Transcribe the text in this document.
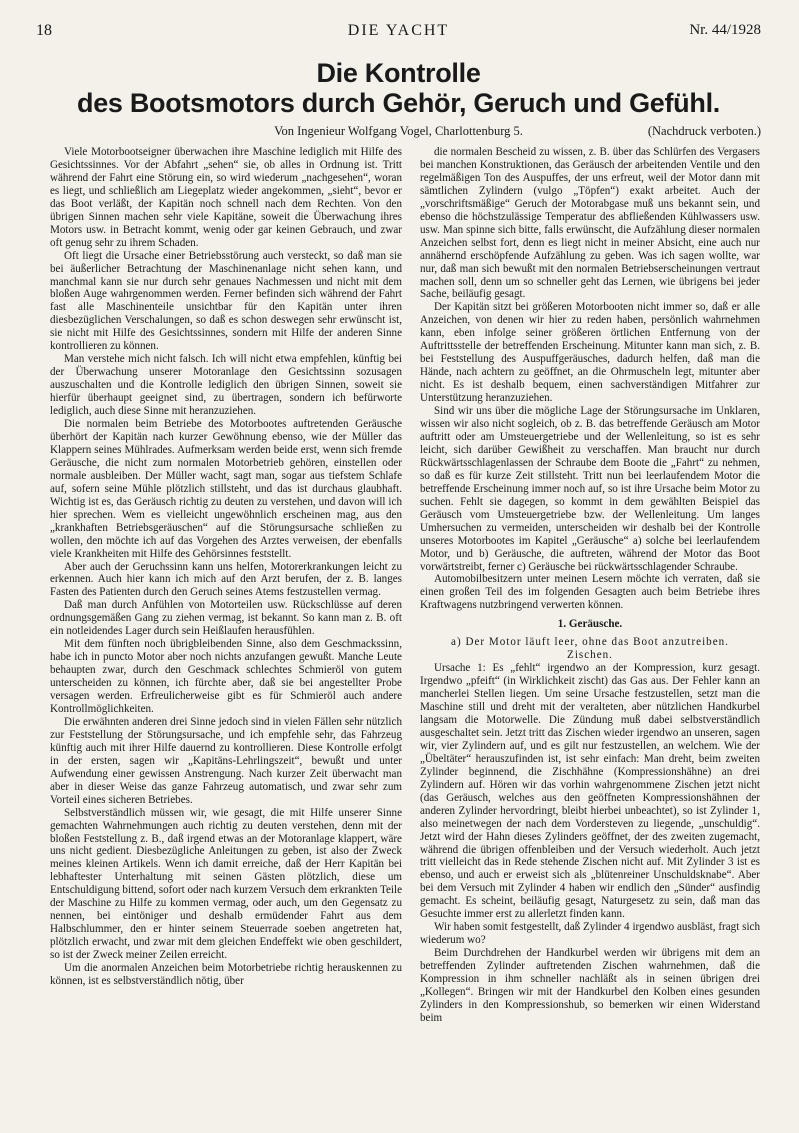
18	DIE YACHT	Nr. 44/1928
Die Kontrolle
des Bootsmotors durch Gehör, Geruch und Gefühl.
Von Ingenieur Wolfgang Vogel, Charlottenburg 5.	(Nachdruck verboten.)

Viele Motorbootseigner überwachen ihre Maschine lediglich mit Hilfe des Gesichtssinnes. Vor der Abfahrt „sehen“ sie, ob alles in Ordnung ist. Tritt während der Fahrt eine Störung ein, so wird wiederum „nachgesehen“, woran es liegt, und schließlich am Liegeplatz wieder angekommen, „sieht“, bevor er das Boot verläßt, der Kapitän noch schnell nach dem Rechten. Von den übrigen Sinnen machen sehr viele Kapitäne, soweit die Überwachung ihres Motors usw. in Betracht kommt, wenig oder gar keinen Gebrauch, und zwar oft genug sehr zu ihrem Schaden.

Oft liegt die Ursache einer Betriebsstörung auch versteckt, so daß man sie bei äußerlicher Betrachtung der Maschinenanlage nicht sehen kann, und manchmal kann sie nur durch sehr genaues Nachmessen und nicht mit dem bloßen Auge wahrgenommen werden. Ferner befinden sich während der Fahrt fast alle Maschinenteile unsichtbar für den Kapitän unter ihren diesbezüglichen Verschalungen, so daß es schon deswegen sehr erwünscht ist, sie nicht mit Hilfe des Gesichtssinnes, sondern mit Hilfe der anderen Sinne kontrollieren zu können.

Man verstehe mich nicht falsch. Ich will nicht etwa empfehlen, künftig bei der Überwachung unserer Motoranlage den Gesichtssinn sozusagen auszuschalten und die Kontrolle lediglich den übrigen Sinnen, soweit sie hierfür überhaupt geeignet sind, zu übertragen, sondern ich befürworte lediglich, auch diese Sinne mit heranzuziehen.

Die normalen beim Betriebe des Motorbootes auftretenden Geräusche überhört der Kapitän nach kurzer Gewöhnung ebenso, wie der Müller das Klappern seines Mühlrades. Aufmerksam werden beide erst, wenn sich fremde Geräusche, die nicht zum normalen Motorbetrieb gehören, einstellen oder normale ausbleiben. Der Müller wacht, sagt man, sogar aus tiefstem Schlafe auf, sofern seine Mühle plötzlich stillsteht, und das ist durchaus glaubhaft. Wichtig ist es, das Geräusch richtig zu deuten zu verstehen, und davon will ich hier sprechen. Wem es vielleicht ungewöhnlich erscheinen mag, aus den „krankhaften Betriebsgeräuschen“ auf die Störungsursache schließen zu wollen, den möchte ich auf das Vorgehen des Arztes verweisen, der ebenfalls viele Krankheiten mit Hilfe des Gehörsinnes feststellt.

Aber auch der Geruchssinn kann uns helfen, Motorerkrankungen leicht zu erkennen. Auch hier kann ich mich auf den Arzt berufen, der z. B. langes Fasten des Patienten durch den Geruch seines Atems festzustellen vermag.

Daß man durch Anfühlen von Motorteilen usw. Rückschlüsse auf deren ordnungsgemäßen Gang zu ziehen vermag, ist bekannt. So kann man z. B. oft ein notleidendes Lager durch sein Heißlaufen herausfühlen.

Mit dem fünften noch übrigbleibenden Sinne, also dem Geschmackssinn, habe ich in puncto Motor aber noch nichts anzufangen gewußt. Manche Leute behaupten zwar, durch den Geschmack schlechtes Schmieröl von gutem unterscheiden zu können, ich fürchte aber, daß sie bei angestellter Probe versagen werden. Erfreulicherweise gibt es für Schmieröl auch andere Kontrollmöglichkeiten.

Die erwähnten anderen drei Sinne jedoch sind in vielen Fällen sehr nützlich zur Feststellung der Störungsursache, und ich empfehle sehr, das Fahrzeug künftig auch mit ihrer Hilfe dauernd zu kontrollieren. Diese Kontrolle erfolgt in der ersten, sagen wir „Kapitäns-Lehrlingszeit“, bewußt und unter Aufwendung einer gewissen Anstrengung. Nach kurzer Zeit überwacht man aber in dieser Weise das ganze Fahrzeug automatisch, und zwar sehr zum Vorteil eines sicheren Betriebes.

Selbstverständlich müssen wir, wie gesagt, die mit Hilfe unserer Sinne gemachten Wahrnehmungen auch richtig zu deuten verstehen, denn mit der bloßen Feststellung z. B., daß irgend etwas an der Motoranlage klappert, wäre uns nicht gedient. Diesbezügliche Anleitungen zu geben, ist also der Zweck meines kleinen Artikels. Wenn ich damit erreiche, daß der Herr Kapitän bei lebhaftester Unterhaltung mit seinen Gästen plötzlich, diese um Entschuldigung bittend, sofort oder nach kurzem Versuch dem erkrankten Teile der Maschine zu Hilfe zu kommen vermag, oder auch, um den Gegensatz zu nennen, bei eintöniger und deshalb ermüdender Fahrt aus dem Halbschlummer, den er hinter seinem Steuerrade soeben angetreten hat, plötzlich erwacht, und zwar mit dem gleichen Endeffekt wie oben geschildert, so ist der Zweck meiner Zeilen erreicht.

Um die anormalen Anzeichen beim Motorbetriebe richtig herauskennen zu können, ist es selbstverständlich nötig, über

die normalen Bescheid zu wissen, z. B. über das Schlürfen des Vergasers bei manchen Konstruktionen, das Geräusch der arbeitenden Ventile und den regelmäßigen Ton des Auspuffes, der uns erfreut, weil der Motor dann mit sämtlichen Zylindern (vulgo „Töpfen“) exakt arbeitet. Auch der „vorschriftsmäßige“ Geruch der Motorabgase muß uns bekannt sein, und ebenso die höchstzulässige Temperatur des abfließenden Kühlwassers usw. usw. Man spinne sich bitte, falls erwünscht, die Aufzählung dieser normalen Anzeichen selbst fort, denn es liegt nicht in meiner Absicht, eine auch nur annähernd erschöpfende Aufzählung zu geben. Was ich sagen wollte, war nur, daß man sich bewußt mit den normalen Betriebserscheinungen vertraut machen soll, denn um so schneller geht das Lernen, wie übrigens bei jeder Sache, beiläufig gesagt.

Der Kapitän sitzt bei größeren Motorbooten nicht immer so, daß er alle Anzeichen, von denen wir hier zu reden haben, persönlich wahrnehmen kann, eben infolge seiner größeren örtlichen Entfernung von der Auftrittsstelle der betreffenden Erscheinung. Mitunter kann man sich, z. B. bei Feststellung des Auspuffgeräusches, dadurch helfen, daß man die Hände, nach achtern zu geöffnet, an die Ohrmuscheln legt, mitunter aber nicht. Es ist deshalb bequem, einen sachverständigen Mitfahrer zur Unterstützung heranzuziehen.

Sind wir uns über die mögliche Lage der Störungsursache im Unklaren, wissen wir also nicht sogleich, ob z. B. das betreffende Geräusch am Motor auftritt oder am Umsteuergetriebe und der Wellenleitung, so ist es sehr leicht, sich darüber Gewißheit zu verschaffen. Man braucht nur durch Rückwärtsschlagenlassen der Schraube dem Boote die „Fahrt“ zu nehmen, so daß es für kurze Zeit stillsteht. Tritt nun bei leerlaufendem Motor die betreffende Erscheinung immer noch auf, so ist ihre Ursache beim Motor zu suchen. Fehlt sie dagegen, so kommt in dem gewählten Beispiel das Geräusch vom Umsteuergetriebe bzw. der Wellenleitung. Um langes Umhersuchen zu vermeiden, unterscheiden wir deshalb bei der Kontrolle unseres Motorbootes im Kapitel „Geräusche“ a) solche bei leerlaufendem Motor, und b) Geräusche, die auftreten, während der Motor das Boot vorwärtstreibt, ferner c) Geräusche bei rückwärtsschlagender Schraube.

Automobilbesitzern unter meinen Lesern möchte ich verraten, daß sie einen großen Teil des im folgenden Gesagten auch beim Betriebe ihres Kraftwagens nutzbringend verwerten können.

1. Geräusche.

a) Der Motor läuft leer, ohne das Boot anzutreiben.

Zischen.

Ursache 1: Es „fehlt“ irgendwo an der Kompression, kurz gesagt. Irgendwo „pfeift“ (in Wirklichkeit zischt) das Gas aus. Der Fehler kann an mancherlei Stellen liegen. Um seine Ursache festzustellen, setzt man die Maschine still und dreht mit der veralteten, aber nützlichen Handkurbel langsam die Motorwelle. Die Zündung muß dabei selbstverständlich ausgeschaltet sein. Jetzt tritt das Zischen wieder irgendwo an unseren, sagen wir, vier Zylindern auf, und es gilt nur festzustellen, an welchem. Wie der „Übeltäter“ herauszufinden ist, ist sehr einfach: Man dreht, beim zweiten Zylinder beginnend, die Zischhähne (Kompressionshähne) an drei Zylindern auf. Hören wir das vorhin wahrgenommene Zischen jetzt nicht (das Geräusch, welches aus den geöffneten Kompressionshähnen der anderen Zylinder hervordringt, bleibt hierbei unbeachtet), so ist Zylinder 1, also meinetwegen der nach dem Vordersteven zu liegende, „unschuldig“. Jetzt wird der Hahn dieses Zylinders geöffnet, der des zweiten zugemacht, während die übrigen offenbleiben und der Versuch wiederholt. Auch jetzt tritt vielleicht das in Rede stehende Zischen nicht auf. Mit Zylinder 3 ist es ebenso, und auch er erweist sich als „blütenreiner Unschuldsknabe“. Aber bei dem Versuch mit Zylinder 4 haben wir endlich den „Sünder“ ausfindig gemacht. Es scheint, beiläufig gesagt, Naturgesetz zu sein, daß man das Gesuchte immer erst zu allerletzt finden kann.

Wir haben somit festgestellt, daß Zylinder 4 irgendwo ausbläst, fragt sich wiederum wo?

Beim Durchdrehen der Handkurbel werden wir übrigens mit dem an betreffenden Zylinder auftretenden Zischen wahrnehmen, daß die Kompression in ihm schneller nachläßt als in seinen übrigen drei „Kollegen“. Bringen wir mit der Handkurbel den Kolben eines gesunden Zylinders in den Kompressionshub, so bemerken wir einen Widerstand beim
